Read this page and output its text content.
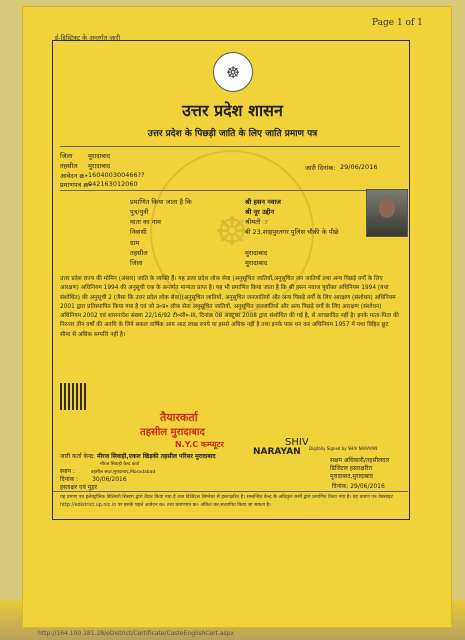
Page 1 of 1
ई-डिस्ट्रिक्ट के अन्तर्गत जारी
☸
☸
उत्तर प्रदेश शासन
उत्तर प्रदेश के पिछड़ी जाति के लिए जाति प्रमाण पत्र
जिला मुरादाबाद
तहसील मुरादाबाद
आवेदन क्र• 160400300466??
प्रमाणपत्र क्र•
042163012060
जारी दिनांक: 29/06/2016
प्रमाणित किया जाता है कि	श्री हसन नवाज
पुत्र/पुत्री	श्री नूर उद्दीन
माता का नाम	श्रीमती ः
निवासी	बी 23,शाहपुरतगर पुलिस चौकी के पीछे
ग्राम
तहसील	मुरादाबाद
जिला	मुरादाबाद
उत्तर प्रदेश राज्य की मोमिन (अंसार) जाति के व्यक्ति हैं। यह उत्तर प्रदेश लोक सेवा (अनुसूचित जातियों,अनुसूचित जन जातियों तथा अन्य पिछड़े वर्गों के लिए आरक्षण) अधिनियम 1994 की अनुसूची एक के अन्तर्गत मान्यता प्राप्त है। यह भी प्रमाणित किया जाता है कि श्री हसन नवाज पूर्वोक्त अधिनियम 1994 (यथा संशोधित) की अनुसूची 2 (जैसा कि उत्तर प्रदेश लोक सेवा)(अनुसूचित जातियों, अनुसूचित जनजातियों और अन्य पिछड़े वर्गों के लिए आरक्षण (संशोधन) अधिनियम 2001 द्वारा प्रतिस्थापित किया गया है एवं जो उ०प्र० लोक सेवा अनुसूचित जातियों, अनुसूचित जनजातियों और अन्य पिछड़े वर्गों के लिए आरक्षण (संशोधन) अधिनियम 2002 एवं शासनादेश संख्या 22/16/92 टी०सी०-III, दिनांक 08 अक्टूबर 2008 द्वारा संशोधित की गई है, से आच्छादित नहीं है। इनके माता-पिता की निरन्तर तीन वर्षों की अवधि के लिये सकल वार्षिक आय आठ लाख रुपये या इससे अधिक नहीं है तथा इनके पास धन कर अधिनियम 1957 में यथा विहित छूट सीमा से अधिक सम्पत्ति नहीं है।
तैयारकर्ता
तहसील मुरादाबाद
N.Y.C कम्प्यूटर
जारी कर्ता केन्द्र: मीरज सिवाही,एकल खिड़की तहसील परिसर मुरादाबाद
मीरज सिवाही केन्द्र कर्ता
स्थान :	तहसील सदर,मुरादाबाद,Moradabad
दिनांक : 30/06/2016
हस्ताक्षर एवं मुहर
SHIV
Digitally Signed by SHIV NARAYAN
NARAYAN
सक्षम अधिकारी/तहसीलदार
डिजिटल हस्ताक्षरित
मुरादाबाद,मुरादाबाद
दिनांक: 29/06/2016
यह प्रमाण पत्र इलेक्ट्रॉनिक डिलिवरी सिस्टम द्वारा तैयार किया गया है तथा डिजिटल सिग्नेचर से हस्ताक्षरित है। सम्बन्धित केन्द्र के अधिकृत कर्मी द्वारा प्रमाणित किया गया है। यह प्रमाण पत्र वेबसाइट http://edistrict.up.nic.in पर इसके पहले आवेदन क्र० तथा प्रमाणपत्र क्र० अंकित कर,सत्यापित किया जा सकता है।
http://164.100.181.28/eDistrict/Certificate/CasteEnglishCert.aspx
